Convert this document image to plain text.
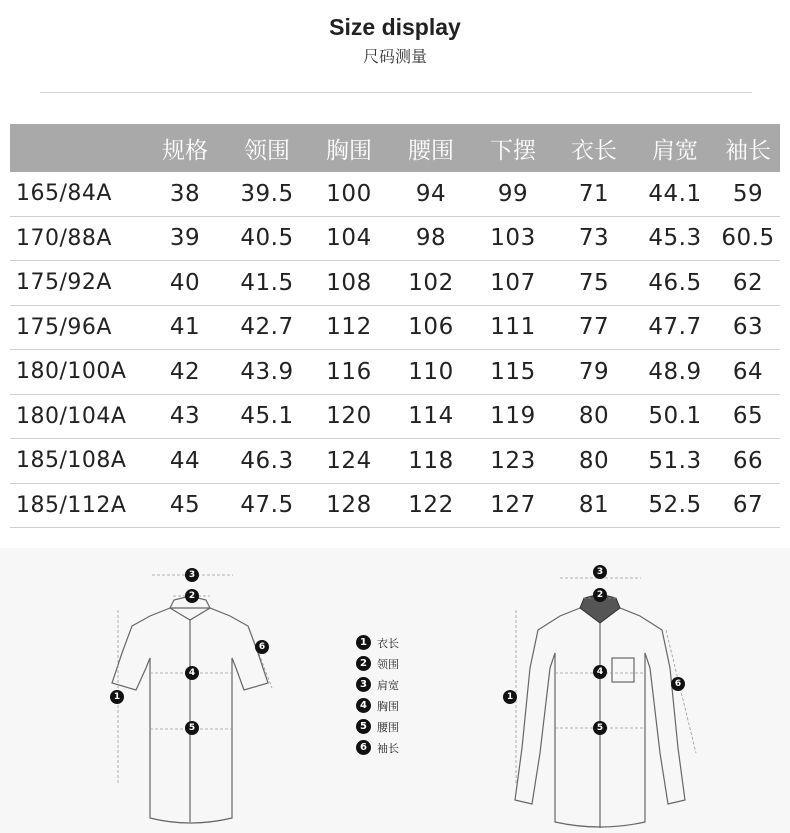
Size display
尺码测量
	规格	领围	胸围	腰围	下摆	衣长	肩宽	袖长
165/84A	38	39.5	100	94	99	71	44.1	59
170/88A	39	40.5	104	98	103	73	45.3	60.5
175/92A	40	41.5	108	102	107	75	46.5	62
175/96A	41	42.7	112	106	111	77	47.7	63
180/100A	42	43.9	116	110	115	79	48.9	64
180/104A	43	45.1	120	114	119	80	50.1	65
185/108A	44	46.3	124	118	123	80	51.3	66
185/112A	45	47.5	128	122	127	81	52.5	67
3
2
4
5
1
6
3
2
4
5
1
6
1 衣长
2 领围
3 肩宽
4 胸围
5 腰围
6 袖长
